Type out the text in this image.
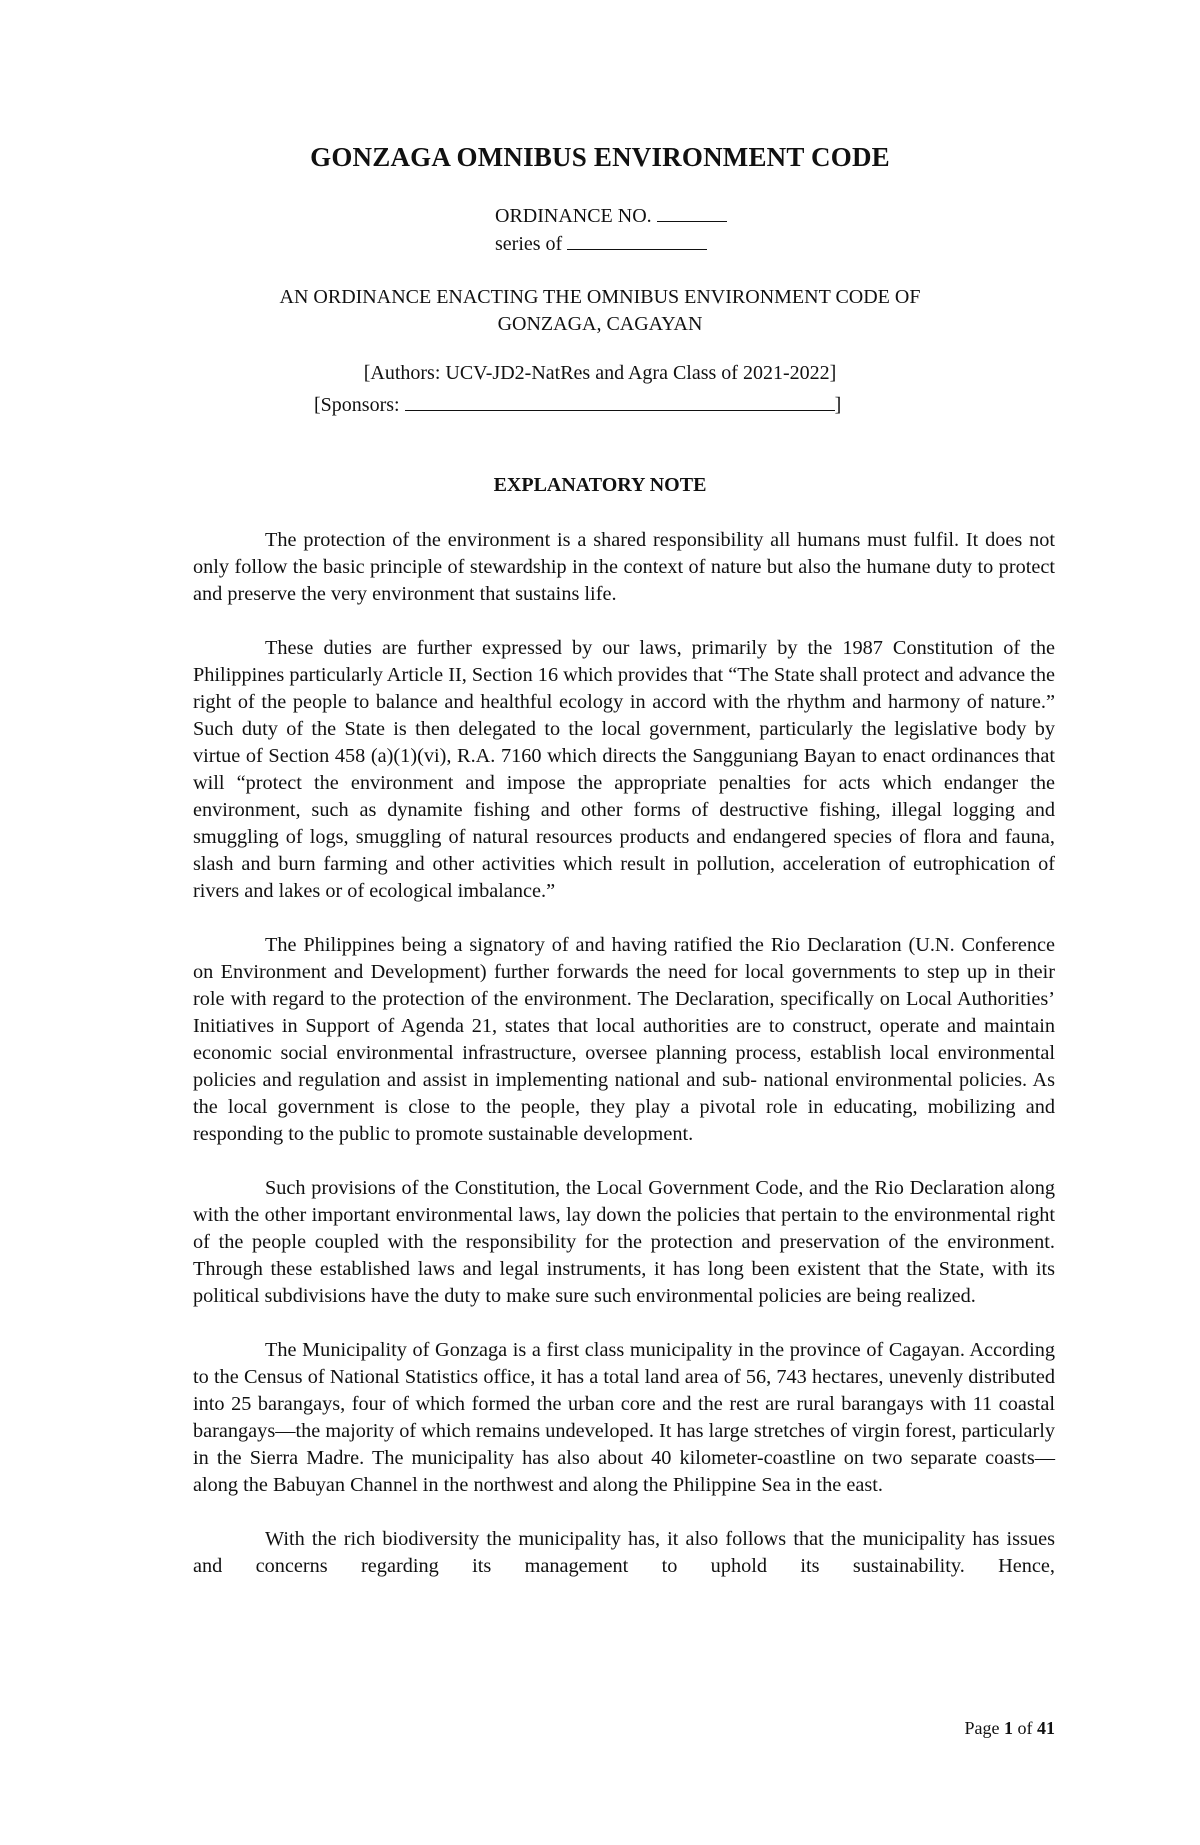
GONZAGA OMNIBUS ENVIRONMENT CODE
ORDINANCE NO.
series of
AN ORDINANCE ENACTING THE OMNIBUS ENVIRONMENT CODE OF
GONZAGA, CAGAYAN
[Authors: UCV-JD2-NatRes and Agra Class of 2021-2022]
[Sponsors:	]
EXPLANATORY NOTE

The protection of the environment is a shared responsibility all humans must fulfil. It does not only follow the basic principle of stewardship in the context of nature but also the humane duty to protect and preserve the very environment that sustains life.

These duties are further expressed by our laws, primarily by the 1987 Constitution of the Philippines particularly Article II, Section 16 which provides that “The State shall protect and advance the right of the people to balance and healthful ecology in accord with the rhythm and harmony of nature.” Such duty of the State is then delegated to the local government, particularly the legislative body by virtue of Section 458 (a)(1)(vi), R.A. 7160 which directs the Sangguniang Bayan to enact ordinances that will “protect the environment and impose the appropriate penalties for acts which endanger the environment, such as dynamite fishing and other forms of destructive fishing, illegal logging and smuggling of logs, smuggling of natural resources products and endangered species of flora and fauna, slash and burn farming and other activities which result in pollution, acceleration of eutrophication of rivers and lakes or of ecological imbalance.”

The Philippines being a signatory of and having ratified the Rio Declaration (U.N. Conference on Environment and Development) further forwards the need for local governments to step up in their role with regard to the protection of the environment. The Declaration, specifically on Local Authorities’ Initiatives in Support of Agenda 21, states that local authorities are to construct, operate and maintain economic social environmental infrastructure, oversee planning process, establish local environmental policies and regulation and assist in implementing national and sub- national environmental policies. As the local government is close to the people, they play a pivotal role in educating, mobilizing and responding to the public to promote sustainable development.

Such provisions of the Constitution, the Local Government Code, and the Rio Declaration along with the other important environmental laws, lay down the policies that pertain to the environmental right of the people coupled with the responsibility for the protection and preservation of the environment. Through these established laws and legal instruments, it has long been existent that the State, with its political subdivisions have the duty to make sure such environmental policies are being realized.

The Municipality of Gonzaga is a first class municipality in the province of Cagayan. According to the Census of National Statistics office, it has a total land area of 56, 743 hectares, unevenly distributed into 25 barangays, four of which formed the urban core and the rest are rural barangays with 11 coastal barangays—the majority of which remains undeveloped. It has large stretches of virgin forest, particularly in the Sierra Madre. The municipality has also about 40 kilometer-coastline on two separate coasts—along the Babuyan Channel in the northwest and along the Philippine Sea in the east.

With the rich biodiversity the municipality has, it also follows that the municipality has issues and concerns regarding its management to uphold its sustainability. Hence,

Page 1 of 41
